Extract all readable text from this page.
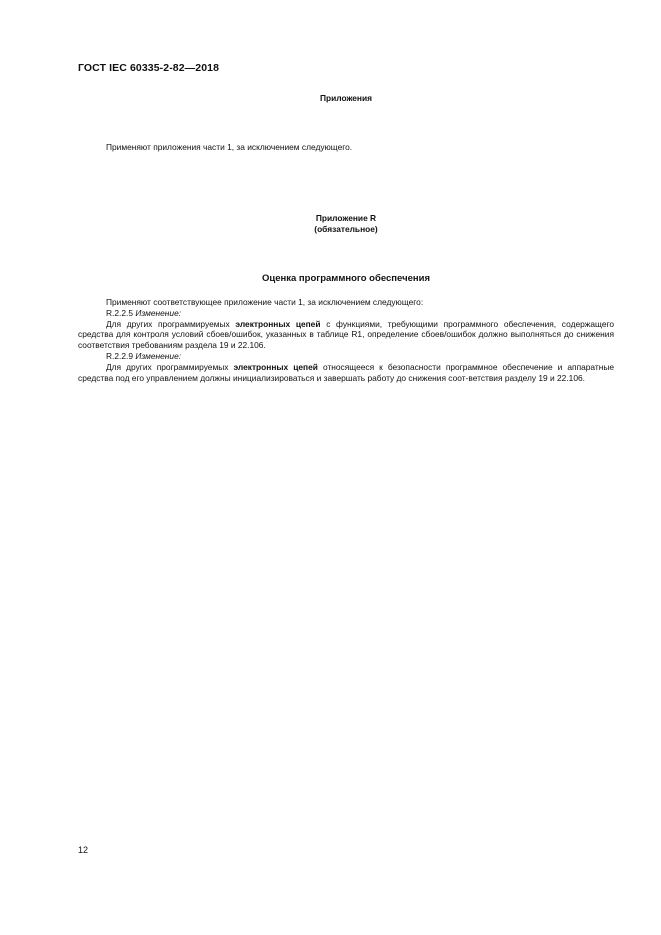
ГОСТ IEC 60335-2-82—2018
Приложения

Применяют приложения части 1, за исключением следующего.

Приложение R
(обязательное)
Оценка программного обеспечения

Применяют соответствующее приложение части 1, за исключением следующего:

R.2.2.5 Изменение:

Для других программируемых электронных цепей с функциями, требующими программного обеспечения, содержащего средства для контроля условий сбоев/ошибок, указанных в таблице R1, определение сбоев/ошибок должно выполняться до снижения соответствия требованиям раздела 19 и 22.106.

R.2.2.9 Изменение:

Для других программируемых электронных цепей относящееся к безопасности программное обеспечение и аппаратные средства под его управлением должны инициализироваться и завершать работу до снижения соот-ветствия разделу 19 и 22.106.

12
